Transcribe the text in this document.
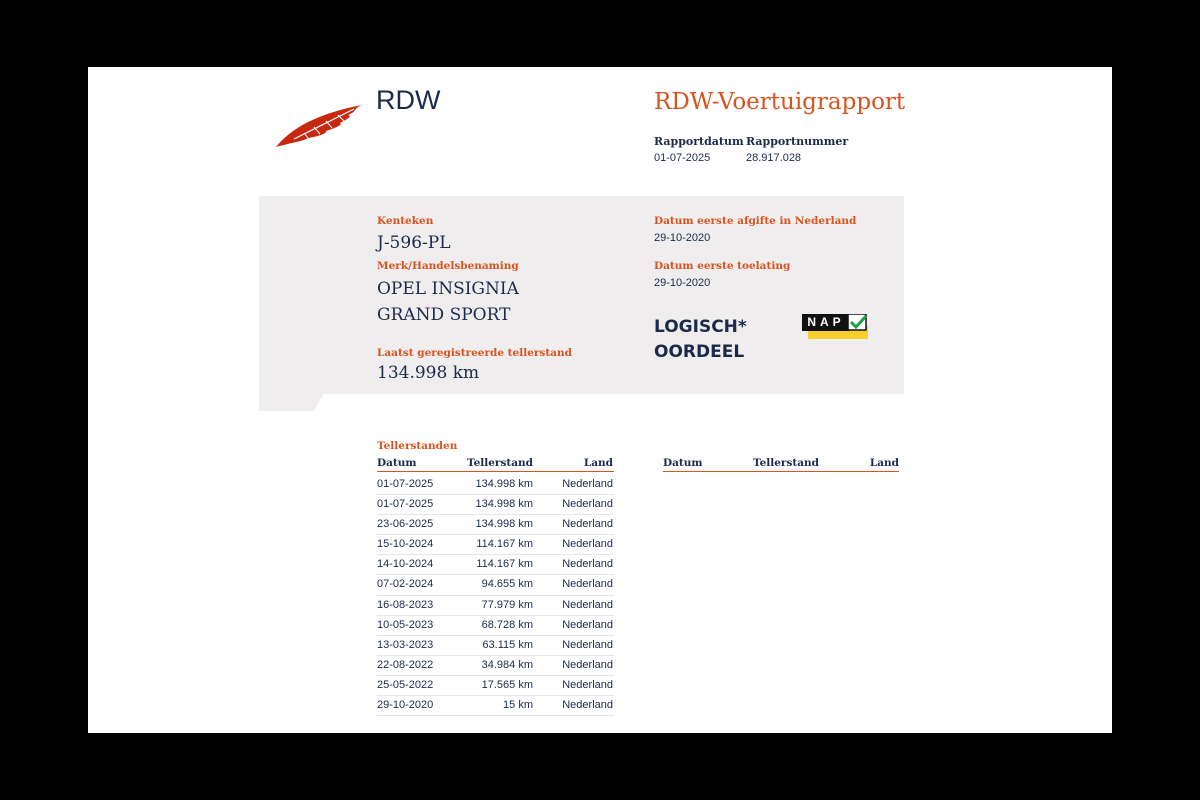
RDW	RDW-Voertuigrapport
Rapportdatum
01-07-2025
Rapportnummer
28.917.028
Kenteken
J-596-PL
Merk/Handelsbenaming
OPEL INSIGNIA
GRAND SPORT
Laatst geregistreerde tellerstand
134.998 km
Datum eerste afgifte in Nederland
29-10-2020
Datum eerste toelating
29-10-2020
LOGISCH*
OORDEEL
NAP
Tellerstanden
Datum	Tellerstand	Land	Datum	Tellerstand	Land
01-07-2025	134.998 km	Nederland
01-07-2025	134.998 km	Nederland
23-06-2025	134.998 km	Nederland
15-10-2024	114.167 km	Nederland
14-10-2024	114.167 km	Nederland
07-02-2024	94.655 km	Nederland
16-08-2023	77.979 km	Nederland
10-05-2023	68.728 km	Nederland
13-03-2023	63.115 km	Nederland
22-08-2022	34.984 km	Nederland
25-05-2022	17.565 km	Nederland
29-10-2020	15 km	Nederland
